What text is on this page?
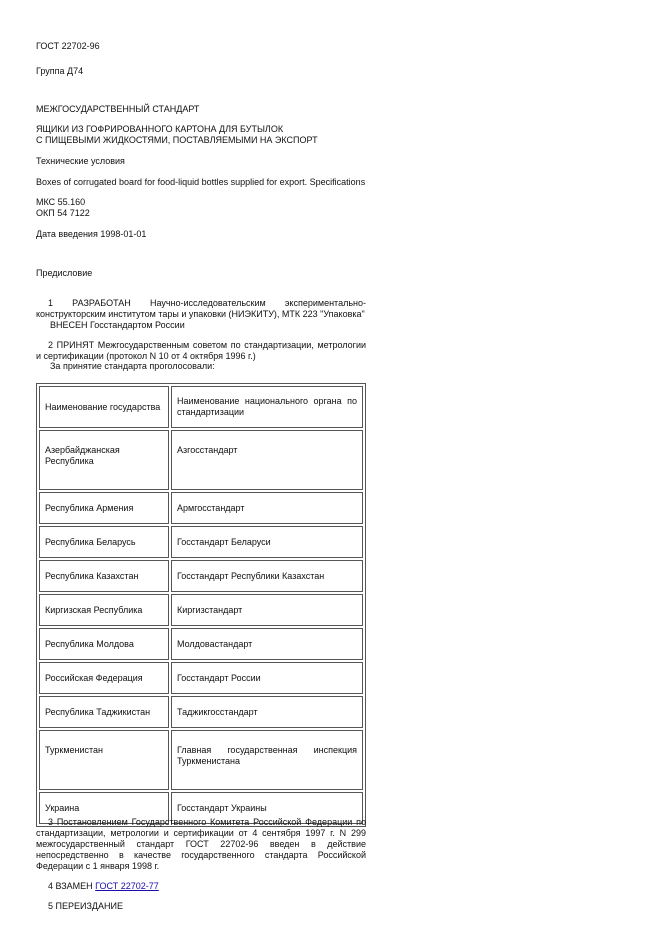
ГОСТ 22702-96
Группа Д74
МЕЖГОСУДАРСТВЕННЫЙ СТАНДАРТ
ЯЩИКИ ИЗ ГОФРИРОВАННОГО КАРТОНА ДЛЯ БУТЫЛОК
С ПИЩЕВЫМИ ЖИДКОСТЯМИ, ПОСТАВЛЯЕМЫМИ НА ЭКСПОРТ
Технические условия
Boxes of corrugated board for food-liquid bottles supplied for export. Specifications
МКС 55.160
ОКП 54 7122
Дата введения 1998-01-01
Предисловие
1 РАЗРАБОТАН Научно-исследовательским экспериментально-конструкторским институтом тары и упаковки (НИЭКИТУ), МТК 223 "Упаковка"
ВНЕСЕН Госстандартом России
2 ПРИНЯТ Межгосударственным советом по стандартизации, метрологии и сертификации (протокол N 10 от 4 октября 1996 г.)
За принятие стандарта проголосовали:
Наименование государства	Наименование национального органа по стандартизации
Азербайджанская Республика	Азгосстандарт
Республика Армения	Армгосстандарт
Республика Беларусь	Госстандарт Беларуси
Республика Казахстан	Госстандарт Республики Казахстан
Киргизская Республика	Киргизстандарт
Республика Молдова	Молдовастандарт
Российская Федерация	Госстандарт России
Республика Таджикистан	Таджикгосстандарт
Туркменистан	Главная государственная инспекция Туркменистана
Украина	Госстандарт Украины
3 Постановлением Государственного Комитета Российской Федерации по стандартизации, метрологии и сертификации от 4 сентября 1997 г. N 299 межгосударственный стандарт ГОСТ 22702-96 введен в действие непосредственно в качестве государственного стандарта Российской Федерации с 1 января 1998 г.
4 ВЗАМЕН ГОСТ 22702-77
5 ПЕРЕИЗДАНИЕ
